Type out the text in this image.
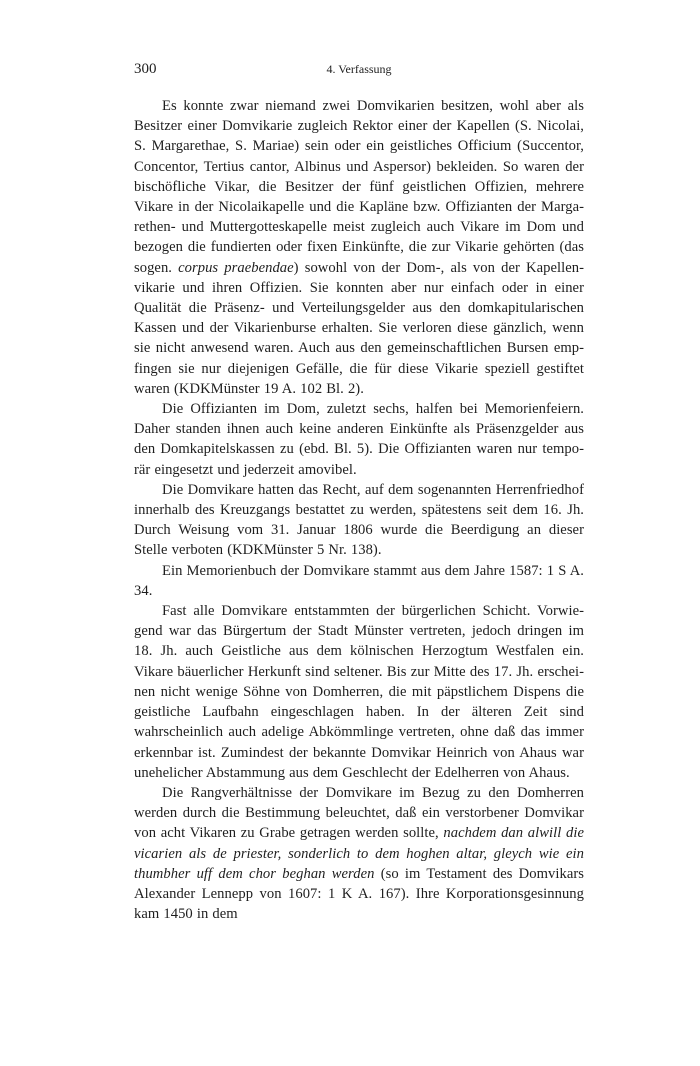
300	4. Verfassung

Es konnte zwar niemand zwei Domvikarien besitzen, wohl aber als Besitzer einer Domvikarie zugleich Rektor einer der Kapellen (S. Nicolai, S. Margarethae, S. Mariae) sein oder ein geistliches Officium (Succentor, Concentor, Tertius cantor, Albinus und Aspersor) bekleiden. So waren der bischöfliche Vikar, die Besitzer der fünf geistlichen Offizien, mehrere Vikare in der Nicolaikapelle und die Kapläne bzw. Offizianten der Margarethen- und Muttergotteskapelle meist zugleich auch Vikare im Dom und bezogen die fundierten oder fixen Einkünfte, die zur Vikarie gehörten (das sogen. corpus praebendae) sowohl von der Dom-, als von der Kapellenvikarie und ihren Offizien. Sie konnten aber nur einfach oder in einer Qualität die Präsenz- und Verteilungsgelder aus den domkapitularischen Kassen und der Vikarienburse erhalten. Sie verloren diese gänzlich, wenn sie nicht anwesend waren. Auch aus den gemeinschaftlichen Bursen empfingen sie nur diejenigen Gefälle, die für diese Vikarie speziell gestiftet waren (KDKMünster 19 A. 102 Bl. 2).

Die Offizianten im Dom, zuletzt sechs, halfen bei Memorienfeiern. Daher standen ihnen auch keine anderen Einkünfte als Präsenzgelder aus den Domkapitelskassen zu (ebd. Bl. 5). Die Offizianten waren nur temporär eingesetzt und jederzeit amovibel.

Die Domvikare hatten das Recht, auf dem sogenannten Herrenfriedhof innerhalb des Kreuzgangs bestattet zu werden, spätestens seit dem 16. Jh. Durch Weisung vom 31. Januar 1806 wurde die Beerdigung an dieser Stelle verboten (KDKMünster 5 Nr. 138).

Ein Memorienbuch der Domvikare stammt aus dem Jahre 1587: 1 S A. 34.

Fast alle Domvikare entstammten der bürgerlichen Schicht. Vorwiegend war das Bürgertum der Stadt Münster vertreten, jedoch dringen im 18. Jh. auch Geistliche aus dem kölnischen Herzogtum Westfalen ein. Vikare bäuerlicher Herkunft sind seltener. Bis zur Mitte des 17. Jh. erscheinen nicht wenige Söhne von Domherren, die mit päpstlichem Dispens die geistliche Laufbahn eingeschlagen haben. In der älteren Zeit sind wahrscheinlich auch adelige Abkömmlinge vertreten, ohne daß das immer erkennbar ist. Zumindest der bekannte Domvikar Heinrich von Ahaus war unehelicher Abstammung aus dem Geschlecht der Edelherren von Ahaus.

Die Rangverhältnisse der Domvikare im Bezug zu den Domherren werden durch die Bestimmung beleuchtet, daß ein verstorbener Domvikar von acht Vikaren zu Grabe getragen werden sollte, nachdem dan alwill die vicarien als de priester, sonderlich to dem hoghen altar, gleych wie ein thumbher uff dem chor beghan werden (so im Testament des Domvikars Alexander Lennepp von 1607: 1 K A. 167). Ihre Korporationsgesinnung kam 1450 in dem
